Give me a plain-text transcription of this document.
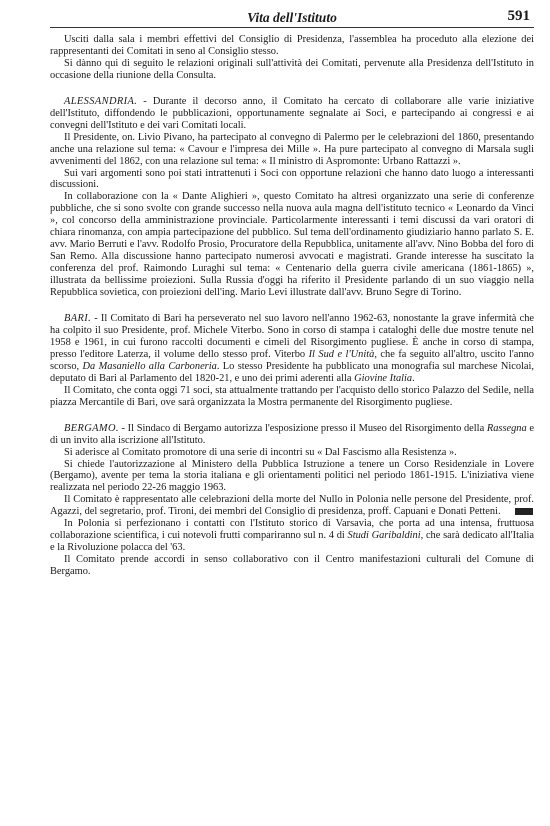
Vita dell'Istituto	591

Usciti dalla sala i membri effettivi del Consiglio di Presidenza, l'assemblea ha proceduto alla elezione dei rappresentanti dei Comitati in seno al Consiglio stesso.

Si dànno qui di seguito le relazioni originali sull'attività dei Comitati, pervenute alla Presidenza dell'Istituto in occasione della riunione della Consulta.

ALESSANDRIA. - Durante il decorso anno, il Comitato ha cercato di collaborare alle varie iniziative dell'Istituto, diffondendo le pubblicazioni, opportunamente segnalate ai Soci, e partecipando ai congressi e ai convegni dell'Istituto e dei vari Comitati locali.

Il Presidente, on. Livio Pivano, ha partecipato al convegno di Palermo per le celebrazioni del 1860, presentando anche una relazione sul tema: « Cavour e l'impresa dei Mille ». Ha pure partecipato al convegno di Marsala sugli avvenimenti del 1862, con una relazione sul tema: « Il ministro di Aspromonte: Urbano Rattazzi ».

Sui vari argomenti sono poi stati intrattenuti i Soci con opportune relazioni che hanno dato luogo a interessanti discussioni.

In collaborazione con la « Dante Alighieri », questo Comitato ha altresì organizzato una serie di conferenze pubbliche, che si sono svolte con grande successo nella nuova aula magna dell'istituto tecnico « Leonardo da Vinci », col concorso della amministrazione provinciale. Particolarmente interessanti i temi discussi da vari oratori di chiara rinomanza, con ampia partecipazione del pubblico. Sul tema dell'ordinamento giudiziario hanno parlato S. E. avv. Mario Berruti e l'avv. Rodolfo Prosio, Procuratore della Repubblica, unitamente all'avv. Nino Bobba del foro di San Remo. Alla discussione hanno partecipato numerosi avvocati e magistrati. Grande interesse ha suscitato la conferenza del prof. Raimondo Luraghi sul tema: « Centenario della guerra civile americana (1861-1865) », illustrata da bellissime proiezioni. Sulla Russia d'oggi ha riferito il Presidente parlando di un suo viaggio nella Repubblica sovietica, con proiezioni dell'ing. Mario Levi illustrate dall'avv. Bruno Segre di Torino.

BARI. - Il Comitato di Bari ha perseverato nel suo lavoro nell'anno 1962-63, nonostante la grave infermità che ha colpito il suo Presidente, prof. Michele Viterbo. Sono in corso di stampa i cataloghi delle due mostre tenute nel 1958 e 1961, in cui furono raccolti documenti e cimeli del Risorgimento pugliese. È anche in corso di stampa, presso l'editore Laterza, il volume dello stesso prof. Viterbo Il Sud e l'Unità, che fa seguito all'altro, uscito l'anno scorso, Da Masaniello alla Carboneria. Lo stesso Presidente ha pubblicato una monografia sul marchese Nicolai, deputato di Bari al Parlamento del 1820-21, e uno dei primi aderenti alla Giovine Italia.

Il Comitato, che conta oggi 71 soci, sta attualmente trattando per l'acquisto dello storico Palazzo del Sedile, nella piazza Mercantile di Bari, ove sarà organizzata la Mostra permanente del Risorgimento pugliese.

BERGAMO. - Il Sindaco di Bergamo autorizza l'esposizione presso il Museo del Risorgimento della Rassegna e di un invito alla iscrizione all'Istituto.

Si aderisce al Comitato promotore di una serie di incontri su « Dal Fascismo alla Resistenza ».

Si chiede l'autorizzazione al Ministero della Pubblica Istruzione a tenere un Corso Residenziale in Lovere (Bergamo), avente per tema la storia italiana e gli orientamenti politici nel periodo 1861-1915. L'iniziativa viene realizzata nel periodo 22-26 maggio 1963.

Il Comitato è rappresentato alle celebrazioni della morte del Nullo in Polonia nelle persone del Presidente, prof. Agazzi, del segretario, prof. Tironi, dei membri del Consiglio di presidenza, proff. Capuani e Donati Petteni.

In Polonia si perfezionano i contatti con l'Istituto storico di Varsavia, che porta ad una intensa, fruttuosa collaborazione scientifica, i cui notevoli frutti compariranno sul n. 4 di Studi Garibaldini, che sarà dedicato all'Italia e la Rivoluzione polacca del '63.

Il Comitato prende accordi in senso collaborativo con il Centro manifestazioni culturali del Comune di Bergamo.
